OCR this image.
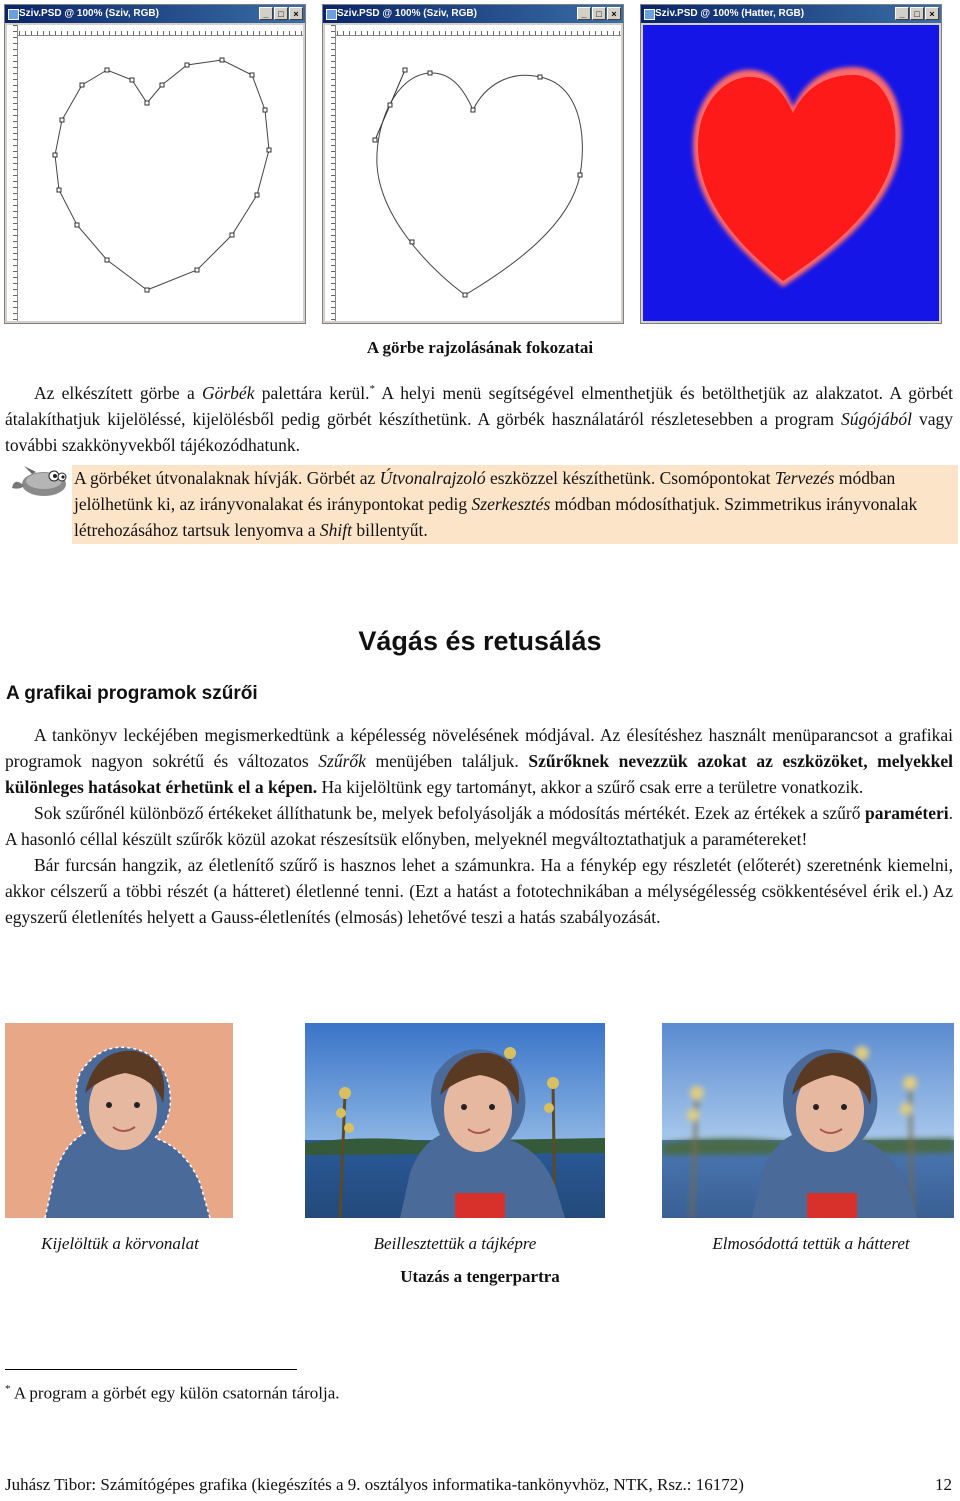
Sziv.PSD @ 100% (Sziv, RGB)	_	□	×	Sziv.PSD @ 100% (Sziv, RGB)	_	□	×	Sziv.PSD @ 100% (Hatter, RGB)	_	□	×
A görbe rajzolásának fokozatai

Az elkészített görbe a Görbék palettára kerül.* A helyi menü segítségével elmenthetjük és betölthetjük az alakzatot. A görbét átalakíthatjuk kijelöléssé, kijelölésből pedig görbét készíthetünk. A görbék használatáról részletesebben a program Súgójából vagy további szakkönyvekből tájékozódhatunk.

A görbéket útvonalaknak hívják. Görbét az Útvonalrajzoló eszközzel készíthetünk. Csomópontokat Tervezés módban jelölhetünk ki, az irányvonalakat és iránypontokat pedig Szerkesztés módban módosíthatjuk. Szimmetrikus irányvonalak létrehozásához tartsuk lenyomva a Shift billentyűt.

Vágás és retusálás
A grafikai programok szűrői

A tankönyv leckéjében megismerkedtünk a képélesség növelésének módjával. Az élesítéshez használt menüparancsot a grafikai programok nagyon sokrétű és változatos Szűrők menüjében találjuk. Szűrőknek nevezzük azokat az eszközöket, melyekkel különleges hatásokat érhetünk el a képen. Ha kijelöltünk egy tartományt, akkor a szűrő csak erre a területre vonatkozik.

Sok szűrőnél különböző értékeket állíthatunk be, melyek befolyásolják a módosítás mértékét. Ezek az értékek a szűrő paraméteri. A hasonló céllal készült szűrők közül azokat részesítsük előnyben, melyeknél megváltoztathatjuk a paramétereket!

Bár furcsán hangzik, az életlenítő szűrő is hasznos lehet a számunkra. Ha a fénykép egy részletét (előterét) szeretnénk kiemelni, akkor célszerű a többi részét (a hátteret) életlenné tenni. (Ezt a hatást a fototechnikában a mélységélesség csökkentésével érik el.) Az egyszerű életlenítés helyett a Gauss-életlenítés (elmosás) lehetővé teszi a hatás szabályozását.

Kijelöltük a körvonalat	Beillesztettük a tájképre	Elmosódottá tettük a hátteret
Utazás a tengerpartra
* A program a görbét egy külön csatornán tárolja.
Juhász Tibor: Számítógépes grafika (kiegészítés a 9. osztályos informatika-tankönyvhöz, NTK, Rsz.: 16172)	12
